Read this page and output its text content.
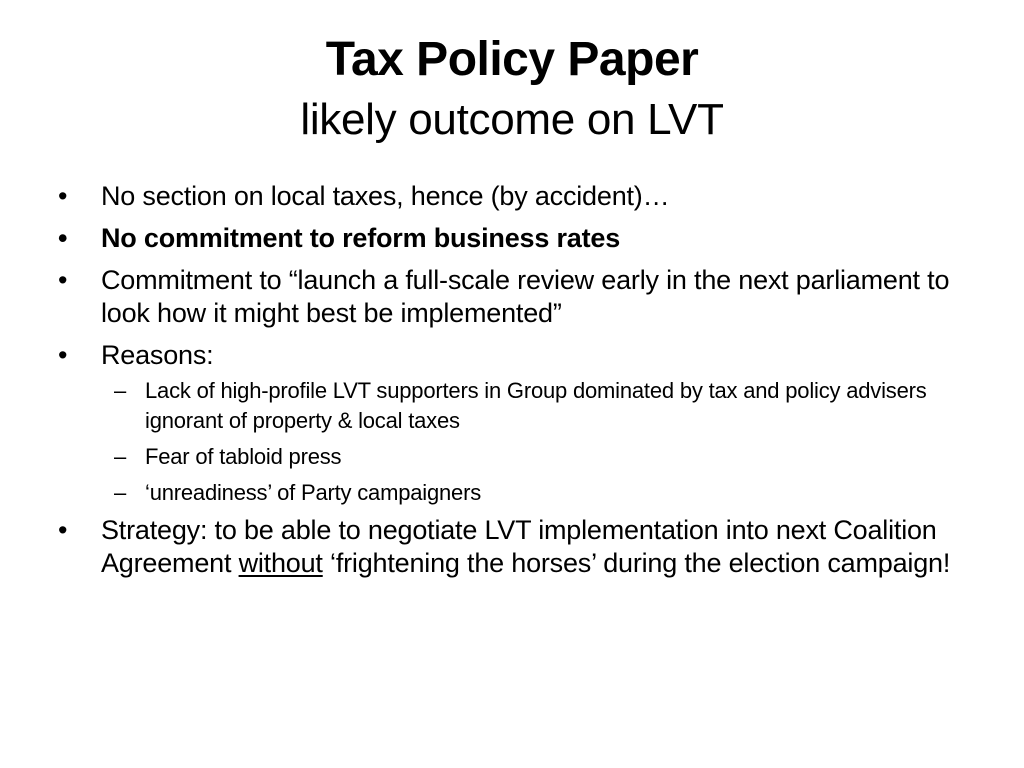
Tax Policy Paper
likely outcome on LVT
•	No section on local taxes, hence (by accident)…
•	No commitment to reform business rates
•	Commitment to “launch a full-scale review early in the next parliament to look how it might best be implemented”
•	Reasons:
– Lack of high-profile LVT supporters in Group dominated by tax and policy advisers ignorant of property & local taxes
– Fear of tabloid press
– ‘unreadiness’ of Party campaigners
•	Strategy: to be able to negotiate LVT implementation into next Coalition Agreement without ‘frightening the horses’ during the election campaign!
